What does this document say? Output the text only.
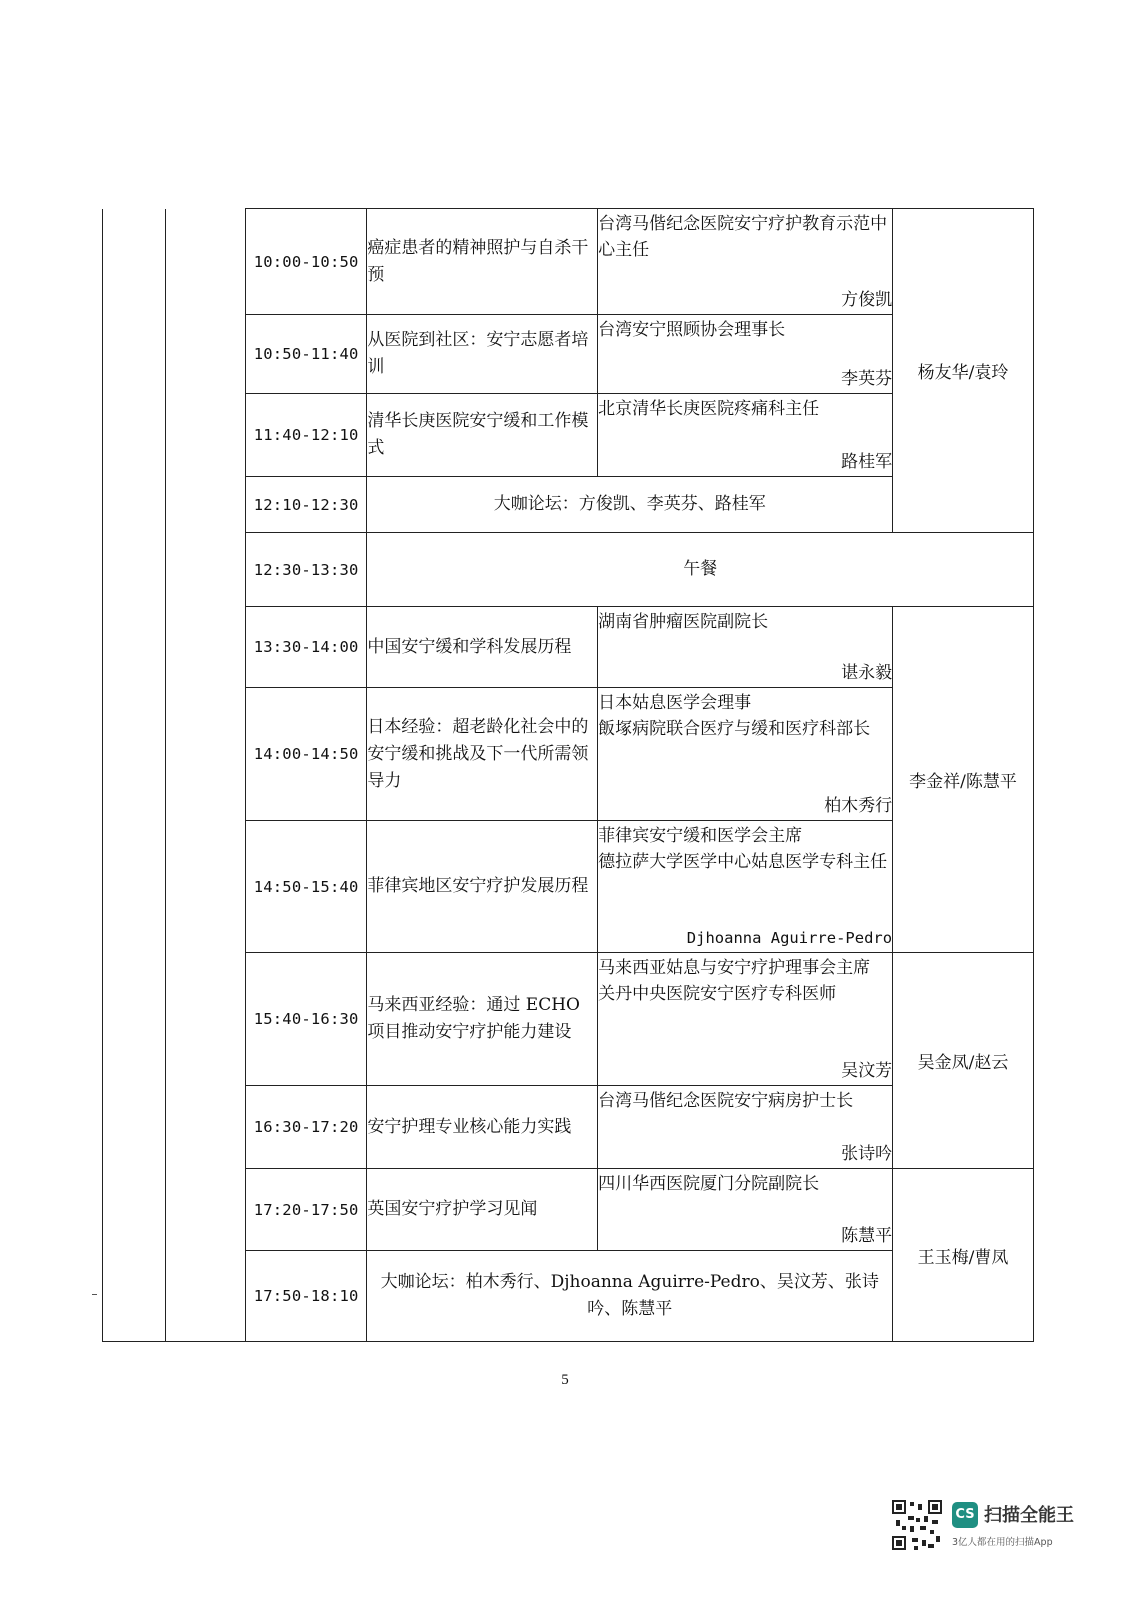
		10:00-10:50	癌症患者的精神照护与自杀干预	台湾马偕纪念医院安宁疗护教育示范中心主任
方俊凯	杨友华/袁玲
		10:50-11:40	从医院到社区：安宁志愿者培训	台湾安宁照顾协会理事长
李英芬	

		11:40-12:10	清华长庚医院安宁缓和工作模式	北京清华长庚医院疼痛科主任
路桂军	

		12:10-12:30	大咖论坛：方俊凯、李英芬、路桂军		
		12:30-13:30	午餐		
		13:30-14:00	中国安宁缓和学科发展历程	湖南省肿瘤医院副院长
谌永毅	李金祥/陈慧平
		14:00-14:50	日本经验：超老龄化社会中的安宁缓和挑战及下一代所需领导力	日本姑息医学会理事
飯塚病院联合医疗与缓和医疗科部长
柏木秀行	

		14:50-15:40	菲律宾地区安宁疗护发展历程	菲律宾安宁缓和医学会主席
德拉萨大学医学中心姑息医学专科主任
Djhoanna Aguirre-Pedro	

		15:40-16:30	马来西亚经验：通过 ECHO 项目推动安宁疗护能力建设	马来西亚姑息与安宁疗护理事会主席
关丹中央医院安宁医疗专科医师
吴汶芳	吴金凤/赵云
		16:30-17:20	安宁护理专业核心能力实践	台湾马偕纪念医院安宁病房护士长
张诗吟	

		17:20-17:50	英国安宁疗护学习见闻	四川华西医院厦门分院副院长
陈慧平	王玉梅/曹凤
		17:50-18:10	大咖论坛：柏木秀行、Djhoanna Aguirre-Pedro、吴汶芳、张诗吟、陈慧平		
5
CS 扫描全能王
3亿人都在用的扫描App
